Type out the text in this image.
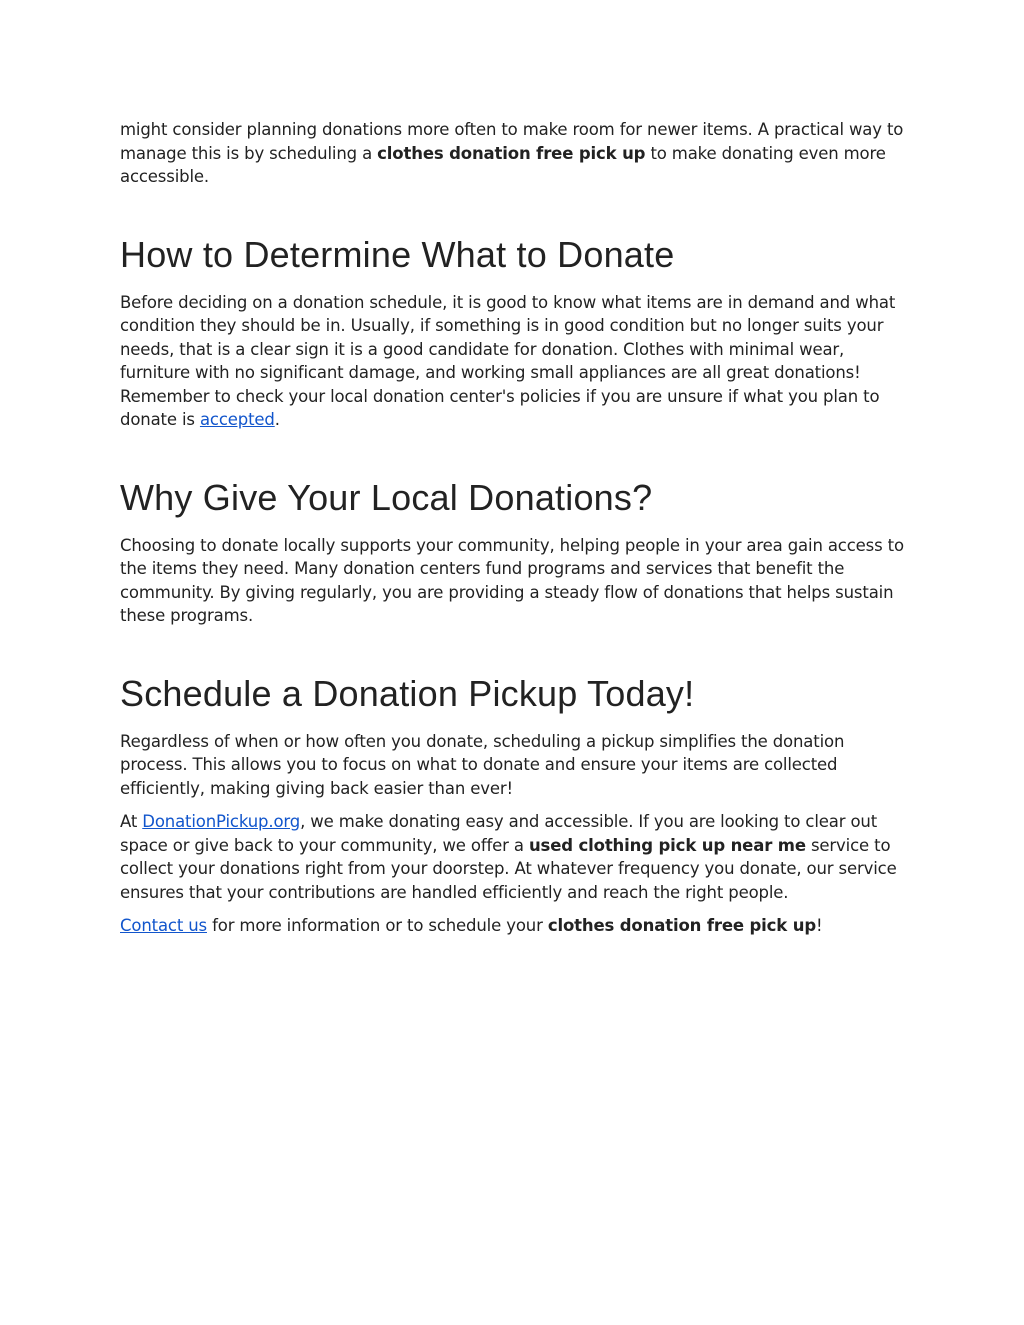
might consider planning donations more often to make room for newer items. A practical way to manage this is by scheduling a clothes donation free pick up to make donating even more accessible.

How to Determine What to Donate

Before deciding on a donation schedule, it is good to know what items are in demand and what condition they should be in. Usually, if something is in good condition but no longer suits your needs, that is a clear sign it is a good candidate for donation. Clothes with minimal wear, furniture with no significant damage, and working small appliances are all great donations! Remember to check your local donation center's policies if you are unsure if what you plan to donate is accepted.

Why Give Your Local Donations?

Choosing to donate locally supports your community, helping people in your area gain access to the items they need. Many donation centers fund programs and services that benefit the community. By giving regularly, you are providing a steady flow of donations that helps sustain these programs.

Schedule a Donation Pickup Today!

Regardless of when or how often you donate, scheduling a pickup simplifies the donation process. This allows you to focus on what to donate and ensure your items are collected efficiently, making giving back easier than ever!

At DonationPickup.org, we make donating easy and accessible. If you are looking to clear out space or give back to your community, we offer a used clothing pick up near me service to collect your donations right from your doorstep. At whatever frequency you donate, our service ensures that your contributions are handled efficiently and reach the right people.

Contact us for more information or to schedule your clothes donation free pick up!
